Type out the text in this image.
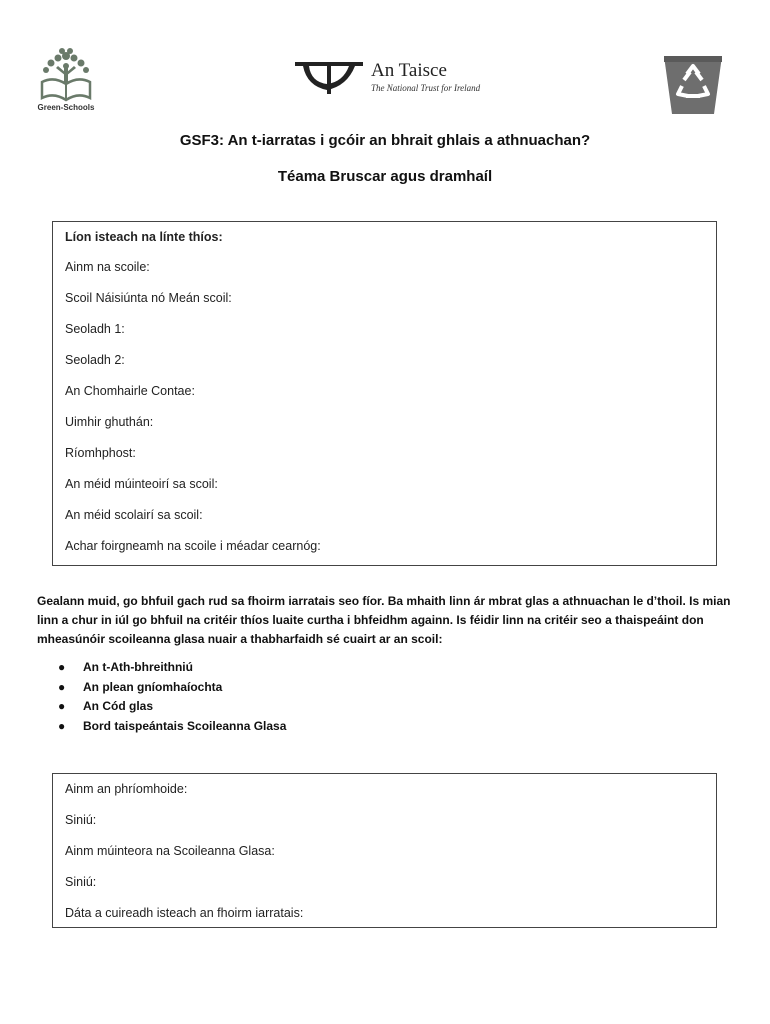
Green-Schools
An Taisce
The National Trust for Ireland
GSF3: An t-iarratas i gcóir an bhrait ghlais a athnuachan?
Téama Bruscar agus dramhaíl
Líon isteach na línte thíos:
Ainm na scoile:
Scoil Náisiúnta nó Meán scoil:
Seoladh 1:
Seoladh 2:
An Chomhairle Contae:
Uimhir ghuthán:
Ríomhphost:
An méid múinteoirí sa scoil:
An méid scolairí sa scoil:
Achar foirgneamh na scoile i méadar cearnóg:
Gealann muid, go bhfuil gach rud sa fhoirm iarratais seo fíor. Ba mhaith linn ár mbrat glas a athnuachan le d’thoil. Is mian linn a chur in iúl go bhfuil na critéir thíos luaite curtha i bhfeidhm againn. Is féidir linn na critéir seo a thaispeáint don mheasúnóir scoileanna glasa nuair a thabharfaidh sé cuairt ar an scoil:
● An t-Ath-bhreithniú
● An plean gníomhaíochta
● An Cód glas
● Bord taispeántais Scoileanna Glasa
Ainm an phríomhoide:
Siniú:
Ainm múinteora na Scoileanna Glasa:
Siniú:
Dáta a cuireadh isteach an fhoirm iarratais:
